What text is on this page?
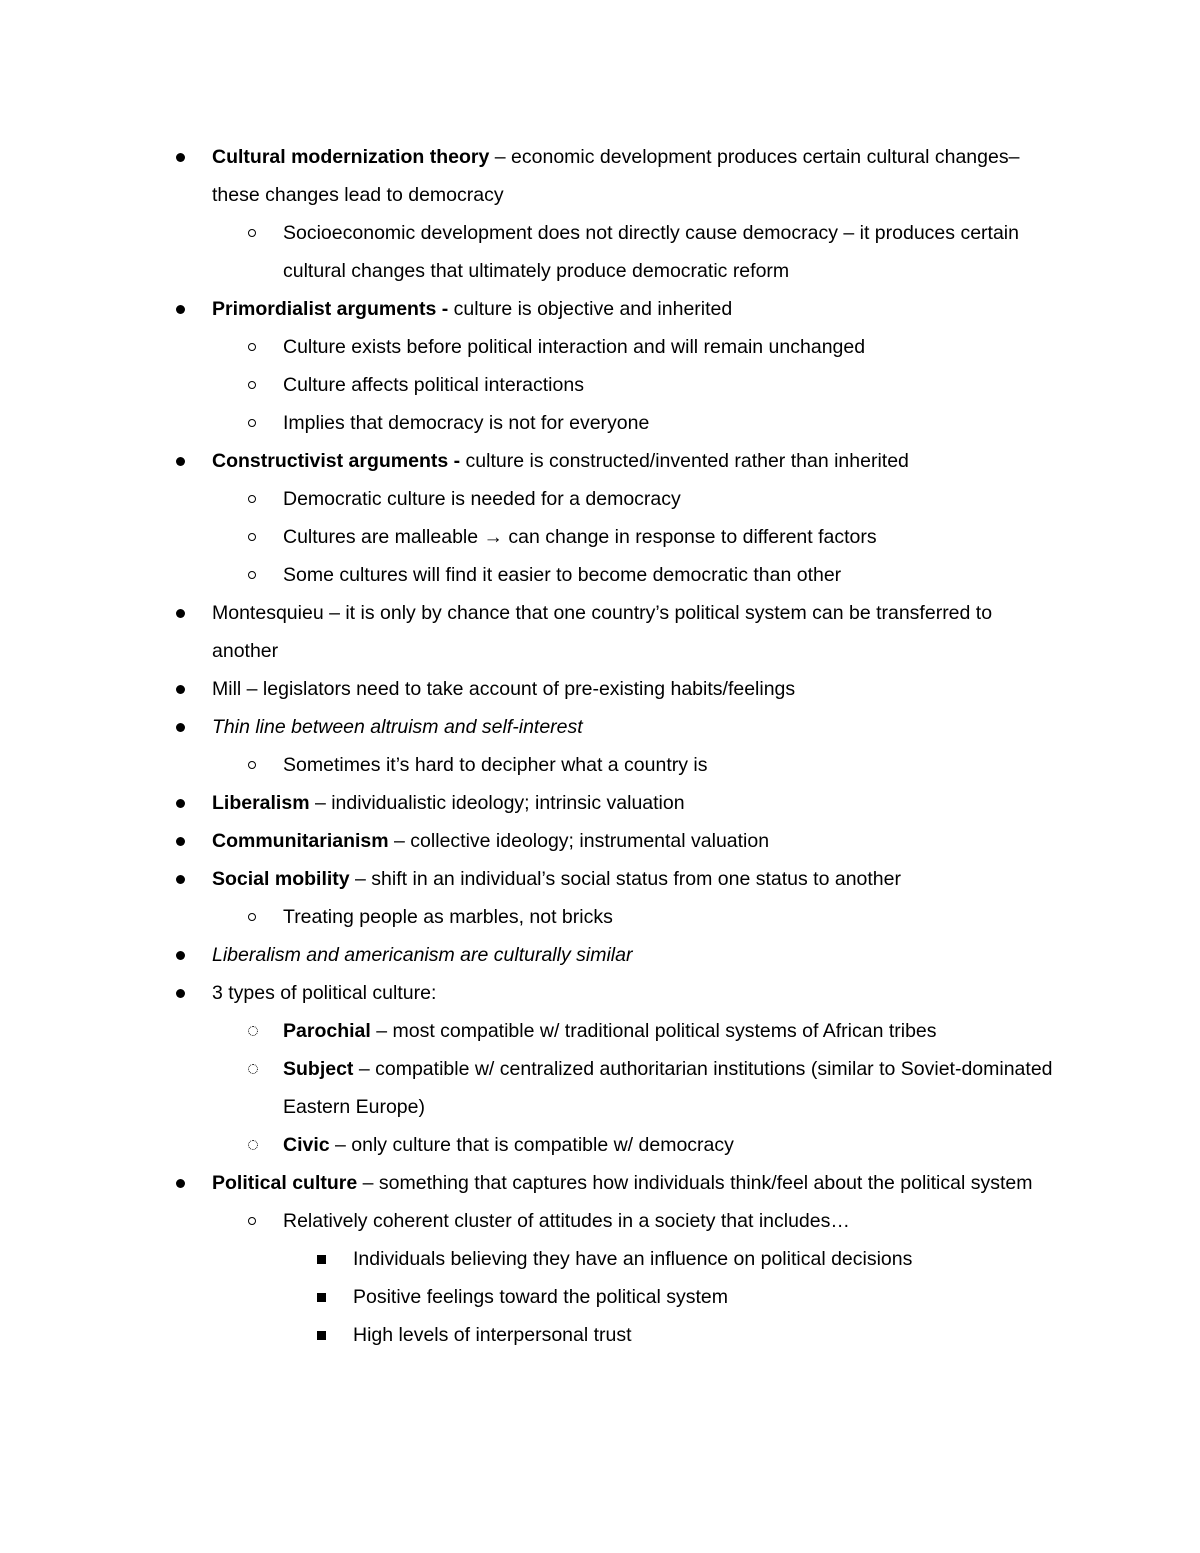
Cultural modernization theory – economic development produces certain cultural changes– these changes lead to democracy
Socioeconomic development does not directly cause democracy – it produces certain cultural changes that ultimately produce democratic reform
Primordialist arguments - culture is objective and inherited
Culture exists before political interaction and will remain unchanged
Culture affects political interactions
Implies that democracy is not for everyone
Constructivist arguments - culture is constructed/invented rather than inherited
Democratic culture is needed for a democracy
Cultures are malleable → can change in response to different factors
Some cultures will find it easier to become democratic than other
Montesquieu – it is only by chance that one country’s political system can be transferred to another
Mill – legislators need to take account of pre-existing habits/feelings
Thin line between altruism and self-interest
Sometimes it’s hard to decipher what a country is
Liberalism – individualistic ideology; intrinsic valuation
Communitarianism – collective ideology; instrumental valuation
Social mobility – shift in an individual’s social status from one status to another
Treating people as marbles, not bricks
Liberalism and americanism are culturally similar
3 types of political culture:
Parochial – most compatible w/ traditional political systems of African tribes
Subject – compatible w/ centralized authoritarian institutions (similar to Soviet-dominated Eastern Europe)
Civic – only culture that is compatible w/ democracy
Political culture – something that captures how individuals think/feel about the political system
Relatively coherent cluster of attitudes in a society that includes…
Individuals believing they have an influence on political decisions
Positive feelings toward the political system
High levels of interpersonal trust
